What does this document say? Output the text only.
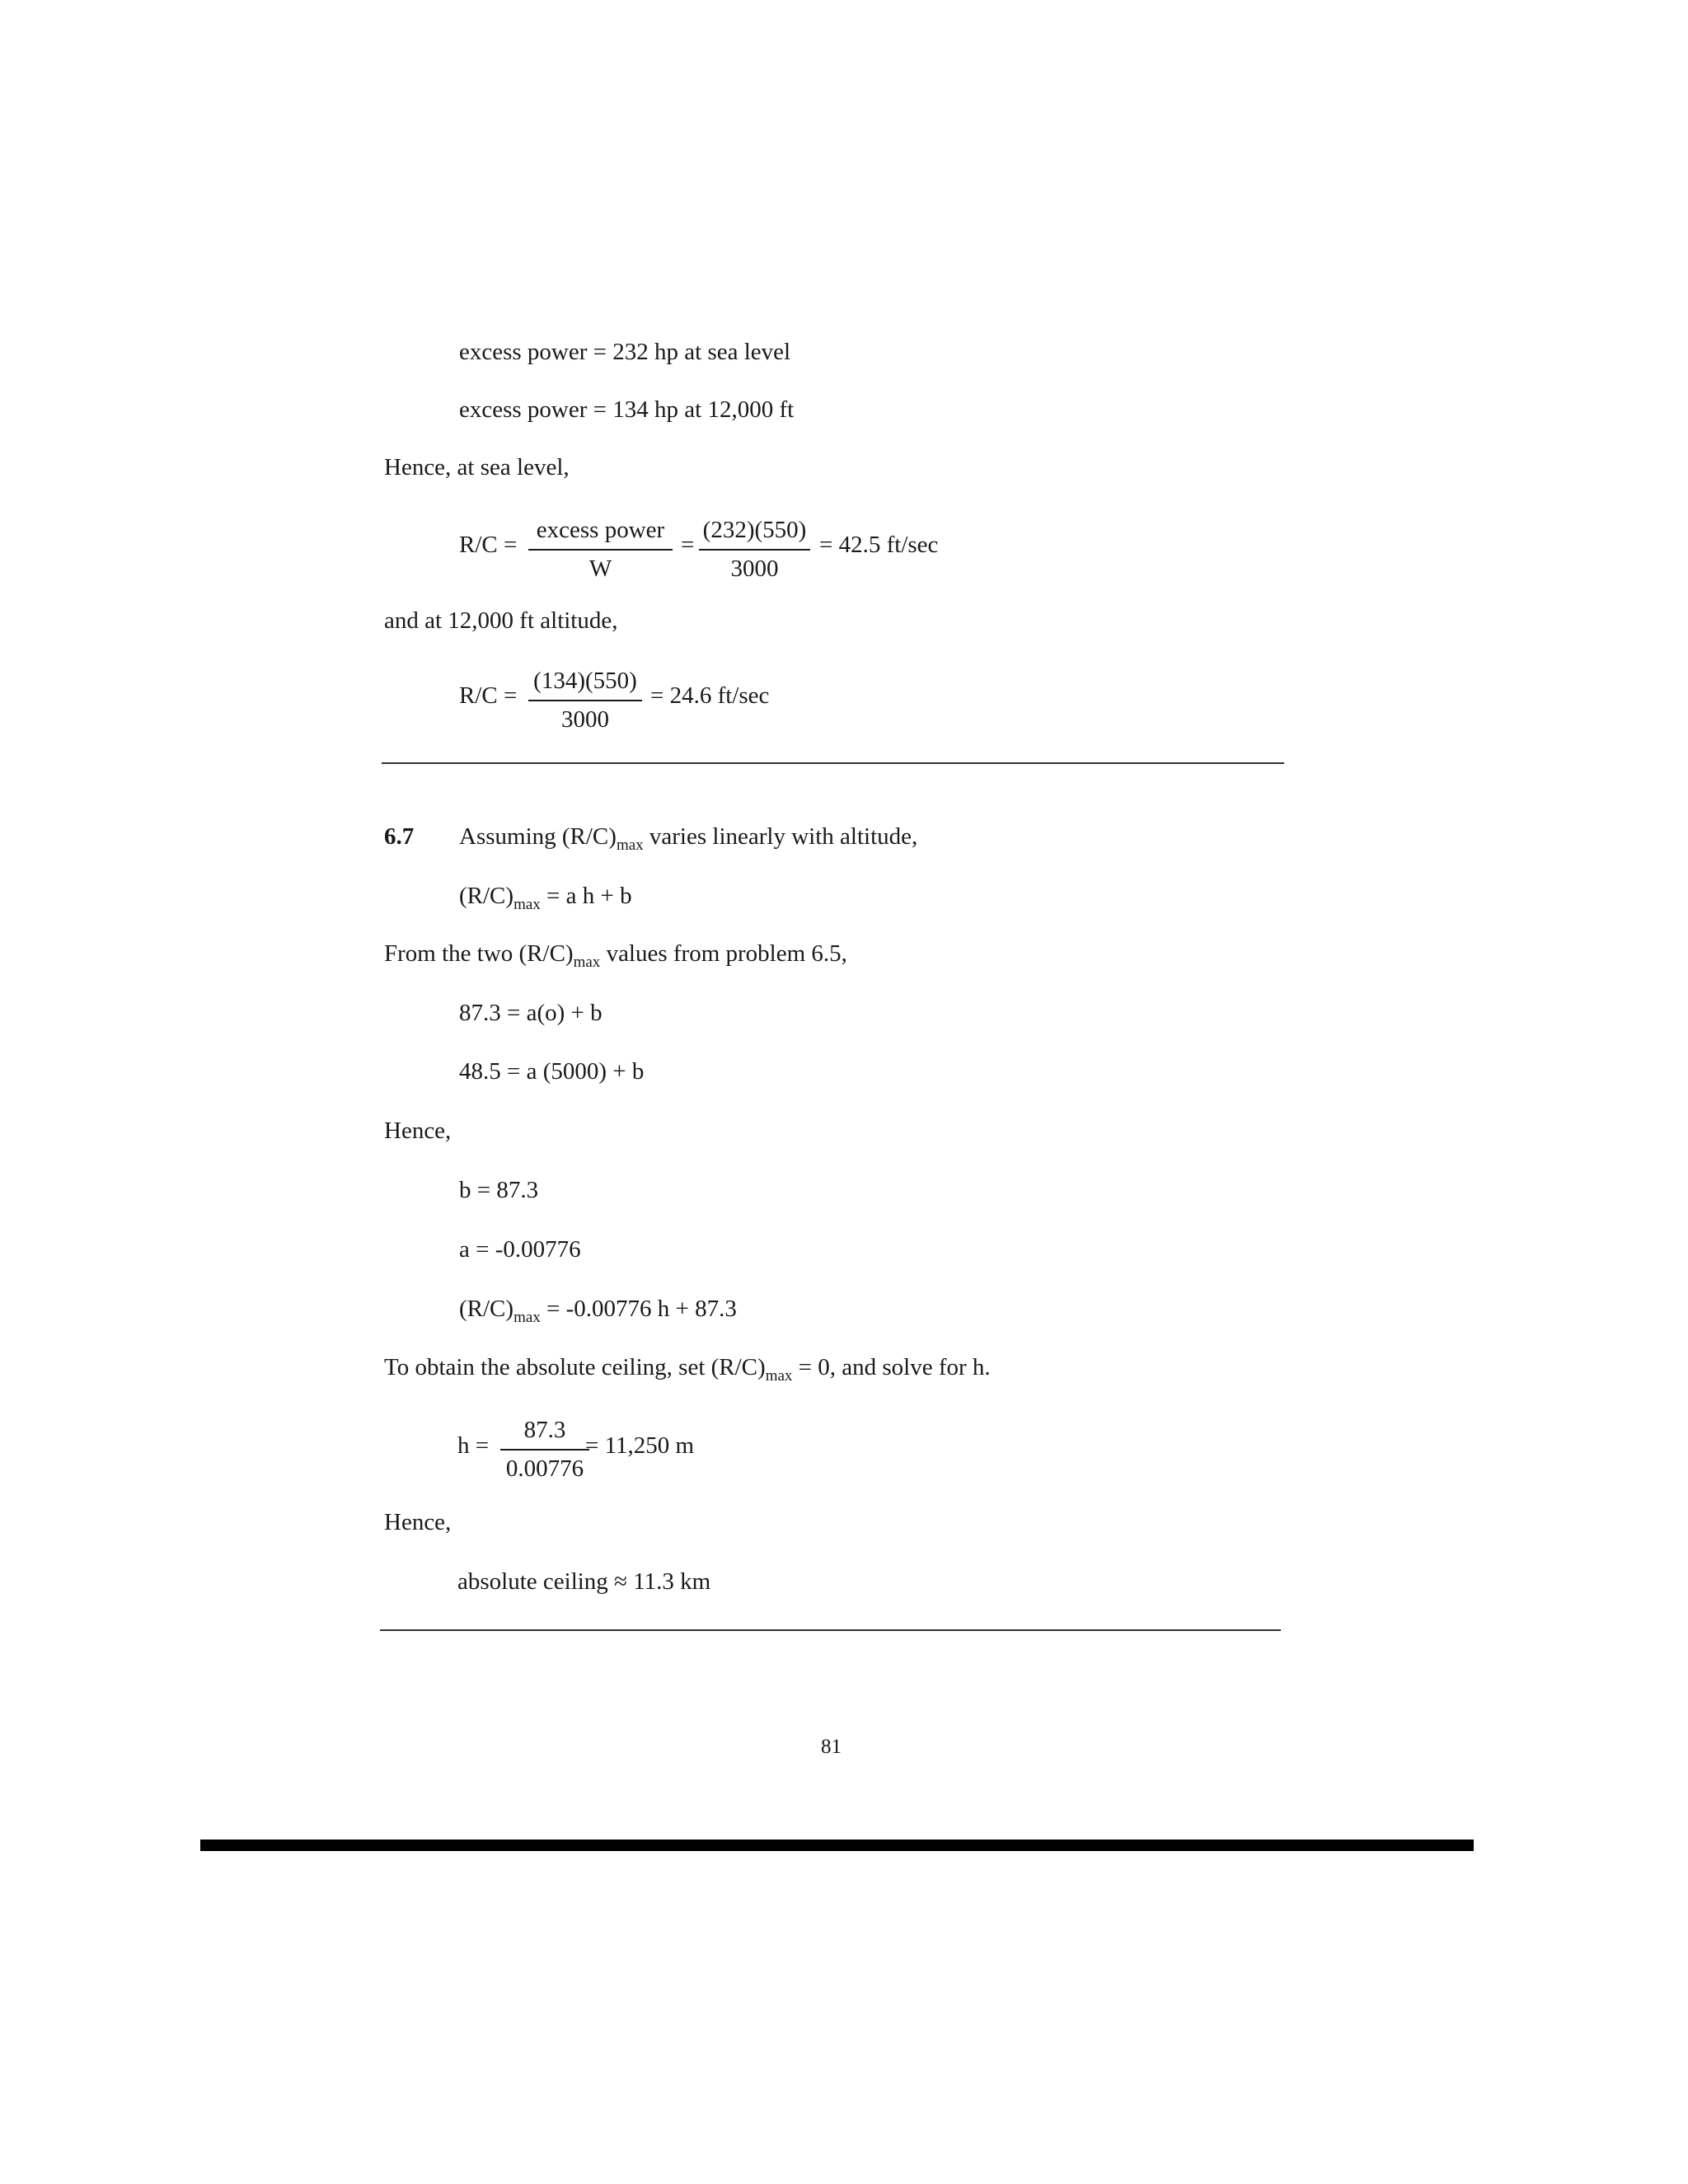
excess power = 232 hp at sea level
excess power = 134 hp at 12,000 ft
Hence, at sea level,
R/C =
excess power
W
=
(232)(550)
3000
= 42.5 ft/sec
and at 12,000 ft altitude,
R/C =
(134)(550)
3000
= 24.6 ft/sec
6.7 Assuming $(R/C)_{max}$ varies linearly with altitude,
$(R/C)_{max} = a$ h + b
From the two $(R/C)_{max}$ values from problem 6.5,
87.3 = a(o) + b
48.5 = a (5000) + b
Hence,
b = 87.3
a = -0.00776
$(R/C)_{max} = -0.00776$ h + 87.3
To obtain the absolute ceiling, set $(R/C)_{max} = 0$, and solve for h.
h =
87.3
0.00776
= 11,250 m
Hence,
absolute ceiling ≈ 11.3 km
81
